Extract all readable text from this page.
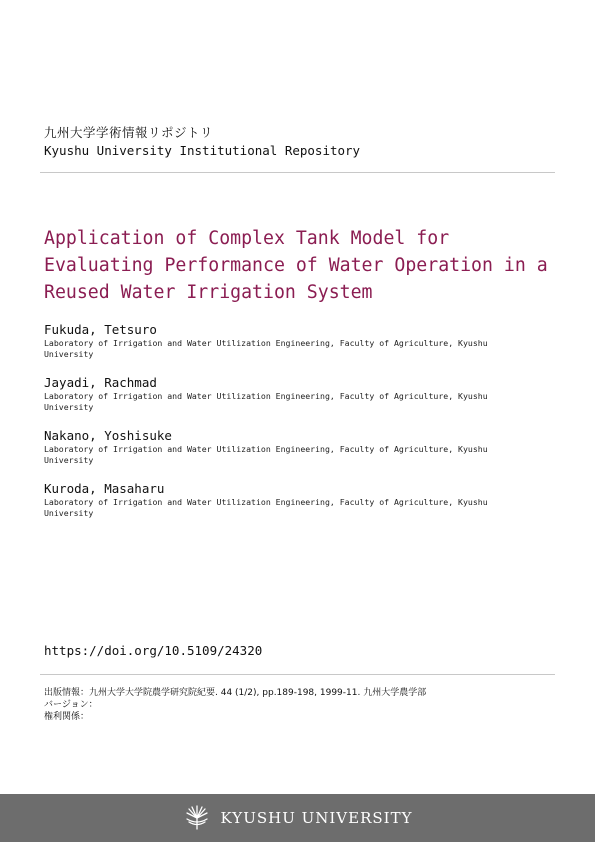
九州大学学術情報リポジトリ
Kyushu University Institutional Repository
Application of Complex Tank Model for
Evaluating Performance of Water Operation in a
Reused Water Irrigation System
Fukuda, Tetsuro
Laboratory of Irrigation and Water Utilization Engineering, Faculty of Agriculture, Kyushu
University
Jayadi, Rachmad
Laboratory of Irrigation and Water Utilization Engineering, Faculty of Agriculture, Kyushu
University
Nakano, Yoshisuke
Laboratory of Irrigation and Water Utilization Engineering, Faculty of Agriculture, Kyushu
University
Kuroda, Masaharu
Laboratory of Irrigation and Water Utilization Engineering, Faculty of Agriculture, Kyushu
University
https://doi.org/10.5109/24320
出版情報：九州大学大学院農学研究院紀要. 44 (1/2), pp.189-198, 1999-11. 九州大学農学部
バージョン：
権利関係：
KYUSHU UNIVERSITY
